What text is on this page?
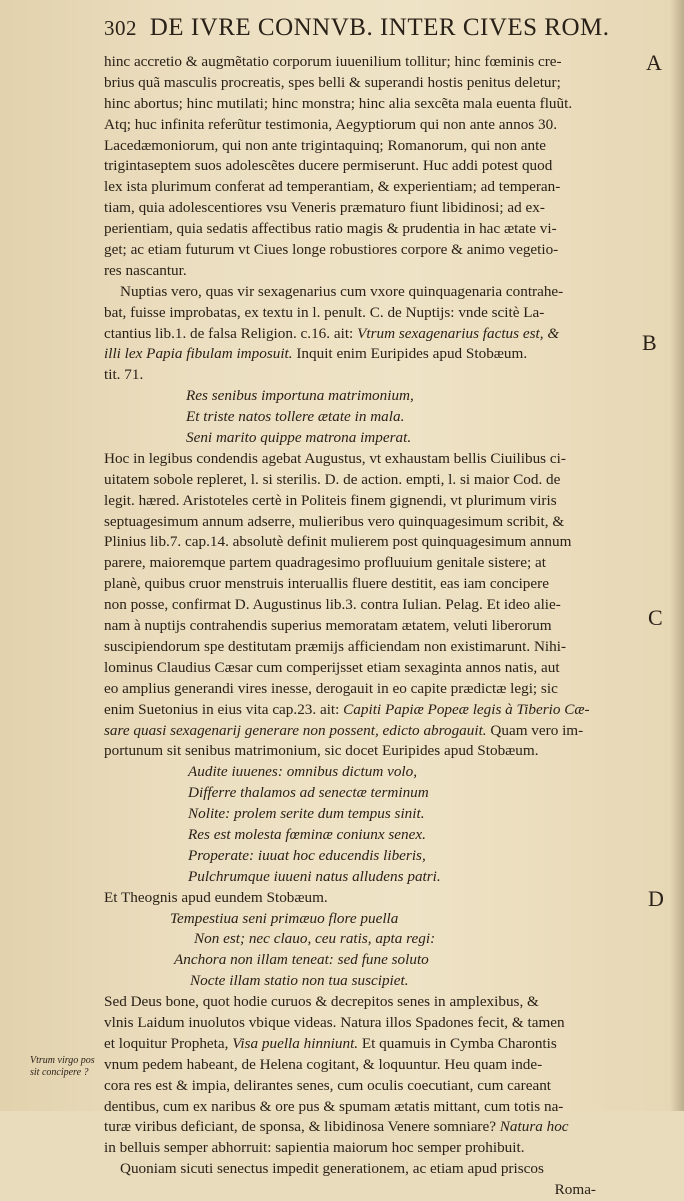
302 DE IVRE CONNVB. INTER CIVES ROM.
A
B
C
D
Vtrum virgo pos
sit concipere ?
hinc accretio & augmẽtatio corporum iuuenilium tollitur; hinc fœminis cre-
brius quã masculis procreatis, spes belli & superandi hostis penitus deletur;
hinc abortus; hinc mutilati; hinc monstra; hinc alia sexcẽta mala euenta fluũt.
Atq; huc infinita referũtur testimonia, Aegyptiorum qui non ante annos 30.
Lacedæmoniorum, qui non ante trigintaquinq; Romanorum, qui non ante
trigintaseptem suos adolescẽtes ducere permiserunt. Huc addi potest quod
lex ista plurimum conferat ad temperantiam, & experientiam; ad temperan-
tiam, quia adolescentiores vsu Veneris præmaturo fiunt libidinosi; ad ex-
perientiam, quia sedatis affectibus ratio magis & prudentia in hac ætate vi-
get; ac etiam futurum vt Ciues longe robustiores corpore & animo vegetio-
res nascantur.
Nuptias vero, quas vir sexagenarius cum vxore quinquagenaria contrahe-
bat, fuisse improbatas, ex textu in l. penult. C. de Nuptijs: vnde scitè La-
ctantius lib.1. de falsa Religion. c.16. ait: Vtrum sexagenarius factus est, &
illi lex Papia fibulam imposuit. Inquit enim Euripides apud Stobæum.
tit. 71.
Res senibus importuna matrimonium,
Et triste natos tollere ætate in mala.
Seni marito quippe matrona imperat.
Hoc in legibus condendis agebat Augustus, vt exhaustam bellis Ciuilibus ci-
uitatem sobole repleret, l. si sterilis. D. de action. empti, l. si maior Cod. de
legit. hæred. Aristoteles certè in Politeis finem gignendi, vt plurimum viris
septuagesimum annum adserre, mulieribus vero quinquagesimum scribit, &
Plinius lib.7. cap.14. absolutè definit mulierem post quinquagesimum annum
parere, maioremque partem quadragesimo profluuium genitale sistere; at
planè, quibus cruor menstruis interuallis fluere destitit, eas iam concipere
non posse, confirmat D. Augustinus lib.3. contra Iulian. Pelag. Et ideo alie-
nam à nuptijs contrahendis superius memoratam ætatem, veluti liberorum
suscipiendorum spe destitutam præmijs afficiendam non existimarunt. Nihi-
lominus Claudius Cæsar cum comperijsset etiam sexaginta annos natis, aut
eo amplius generandi vires inesse, derogauit in eo capite prædictæ legi; sic
enim Suetonius in eius vita cap.23. ait: Capiti Papiæ Popeæ legis à Tiberio Cæ-
sare quasi sexagenarij generare non possent, edicto abrogauit. Quam vero im-
portunum sit senibus matrimonium, sic docet Euripides apud Stobæum.
Audite iuuenes: omnibus dictum volo,
Differre thalamos ad senectæ terminum
Nolite: prolem serite dum tempus sinit.
Res est molesta fœminæ coniunx senex.
Properate: iuuat hoc educendis liberis,
Pulchrumque iuueni natus alludens patri.
Et Theognis apud eundem Stobæum.
Tempestiua seni primæuo flore puella
Non est; nec clauo, ceu ratis, apta regi:
Anchora non illam teneat: sed fune soluto
Nocte illam statio non tua suscipiet.
Sed Deus bone, quot hodie curuos & decrepitos senes in amplexibus, &
vlnis Laidum inuolutos vbique videas. Natura illos Spadones fecit, & tamen
et loquitur Propheta, Visa puella hinniunt. Et quamuis in Cymba Charontis
vnum pedem habeant, de Helena cogitant, & loquuntur. Heu quam inde-
cora res est & impia, delirantes senes, cum oculis coecutiant, cum careant
dentibus, cum ex naribus & ore pus & spumam ætatis mittant, cum totis na-
turæ viribus deficiant, de sponsa, & libidinosa Venere somniare? Natura hoc
in belluis semper abhorruit: sapientia maiorum hoc semper prohibuit.
Quoniam sicuti senectus impedit generationem, ac etiam apud priscos
Roma-
